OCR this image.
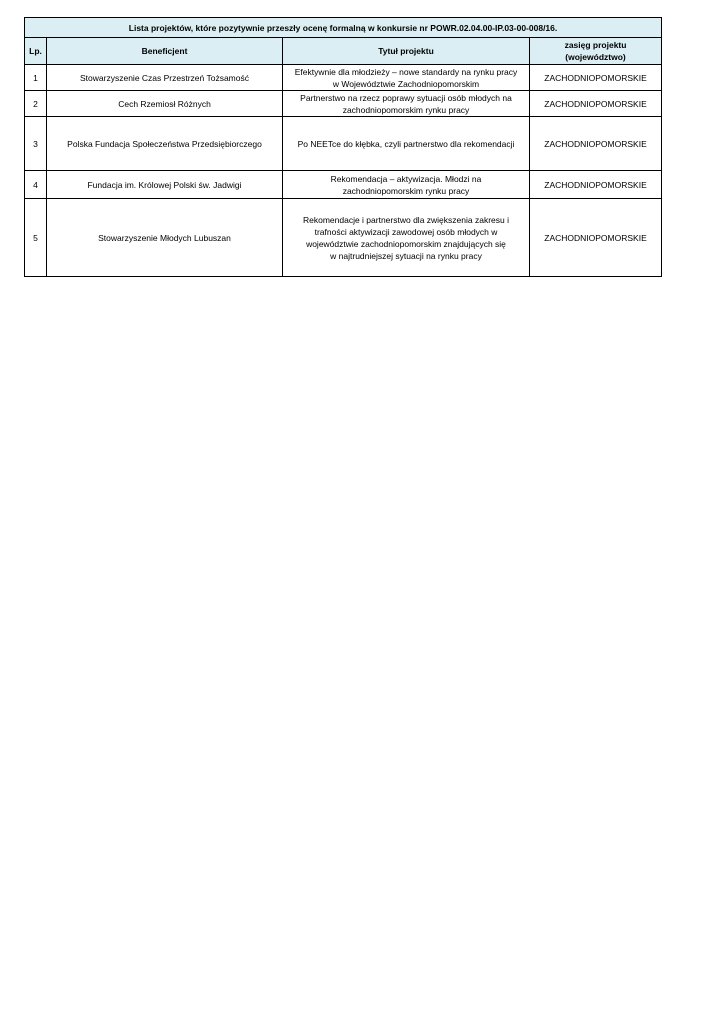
Lista projektów, które pozytywnie przeszły ocenę formalną w konkursie nr POWR.02.04.00-IP.03-00-008/16.			
Lp.	Beneficjent	Tytuł projektu	zasięg projektu
(województwo)
1	Stowarzyszenie Czas Przestrzeń Tożsamość	Efektywnie dla młodzieży – nowe standardy na rynku pracy
w Województwie Zachodniopomorskim	ZACHODNIOPOMORSKIE
2	Cech Rzemiosł Różnych	Partnerstwo na rzecz poprawy sytuacji osób młodych na
zachodniopomorskim rynku pracy	ZACHODNIOPOMORSKIE
3	Polska Fundacja Społeczeństwa Przedsiębiorczego	Po NEETce do kłębka, czyli partnerstwo dla rekomendacji	ZACHODNIOPOMORSKIE
4	Fundacja im. Królowej Polski św. Jadwigi	Rekomendacja – aktywizacja. Młodzi na
zachodniopomorskim rynku pracy	ZACHODNIOPOMORSKIE
5	Stowarzyszenie Młodych Lubuszan	Rekomendacje i partnerstwo dla zwiększenia zakresu i
trafności aktywizacji zawodowej osób młodych w
województwie zachodniopomorskim znajdujących się
w najtrudniejszej sytuacji na rynku pracy	ZACHODNIOPOMORSKIE
